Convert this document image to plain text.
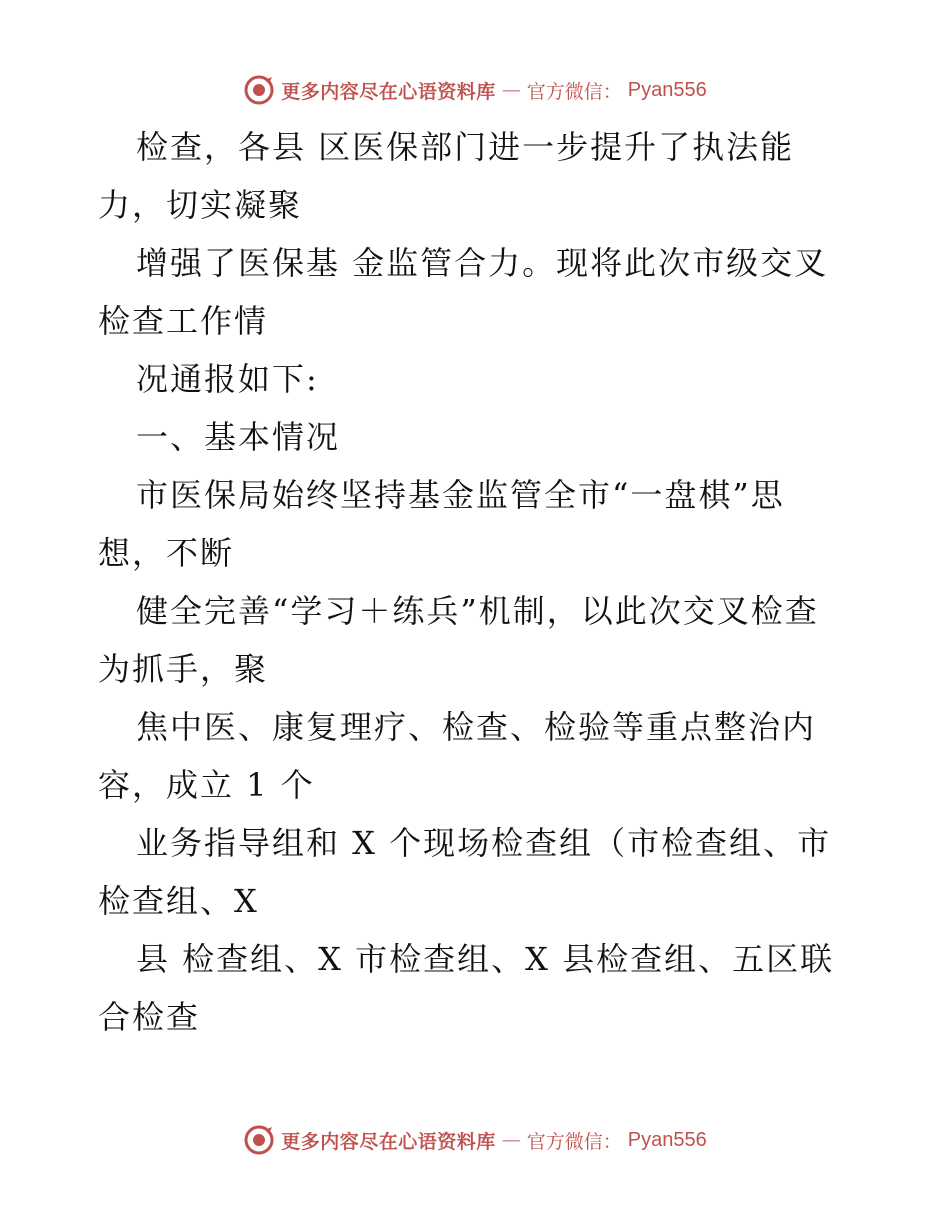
更多内容尽在心语资料库 — 官方微信： Pyan556
检查，各县 区医保部门进一步提升了执法能
力，切实凝聚
增强了医保基 金监管合力。现将此次市级交叉
检查工作情
况通报如下:
一、基本情况
市医保局始终坚持基金监管全市“一盘棋”思
想，不断
健全完善“学习＋练兵”机制，以此次交叉检查
为抓手，聚
焦中医、康复理疗、检查、检验等重点整治内
容，成立 1 个
业务指导组和 X 个现场检查组（市检查组、市
检查组、X
县 检查组、X 市检查组、X 县检查组、五区联
合检查
更多内容尽在心语资料库 — 官方微信： Pyan556
